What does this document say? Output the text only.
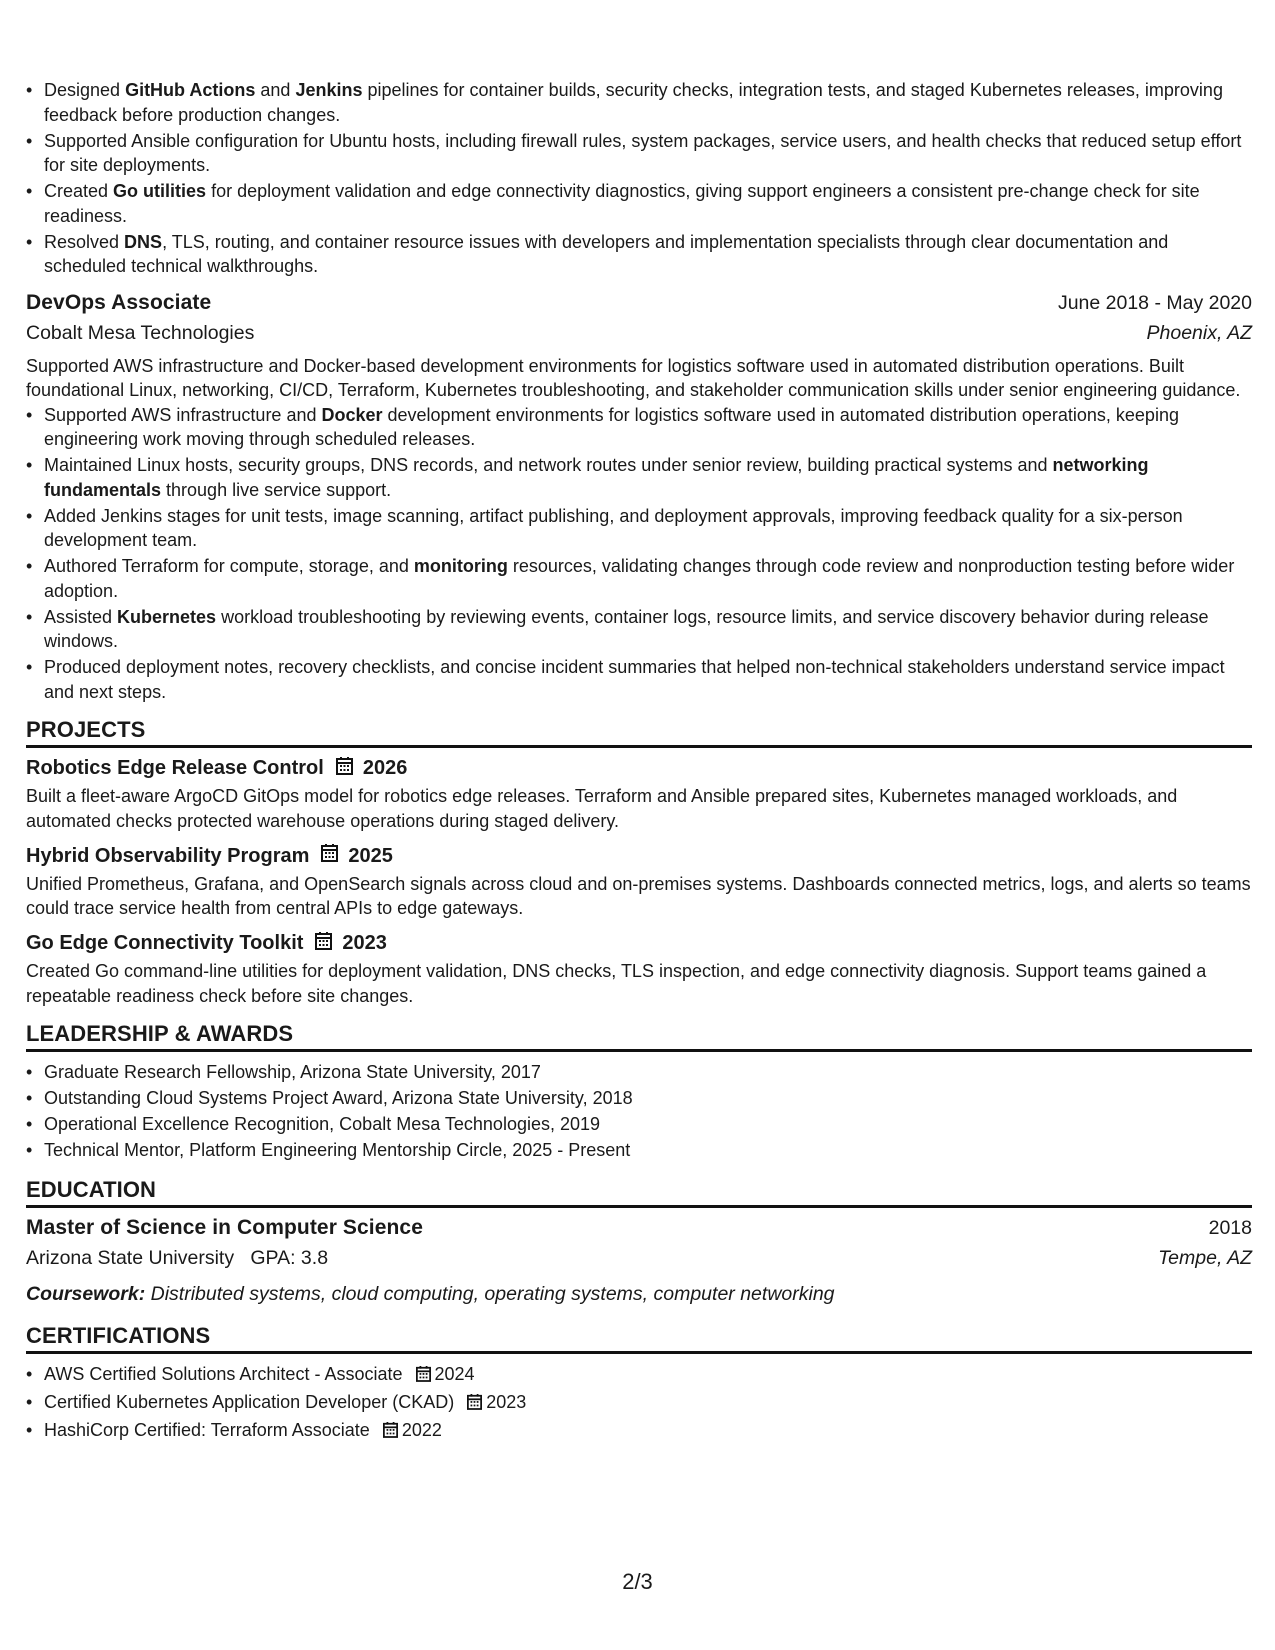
• Designed GitHub Actions and Jenkins pipelines for container builds, security checks, integration tests, and staged Kubernetes releases, improving feedback before production changes.
• Supported Ansible configuration for Ubuntu hosts, including firewall rules, system packages, service users, and health checks that reduced setup effort for site deployments.
• Created Go utilities for deployment validation and edge connectivity diagnostics, giving support engineers a consistent pre-change check for site readiness.
• Resolved DNS, TLS, routing, and container resource issues with developers and implementation specialists through clear documentation and scheduled technical walkthroughs.
DevOps Associate	June 2018 - May 2020
Cobalt Mesa Technologies	Phoenix, AZ
Supported AWS infrastructure and Docker-based development environments for logistics software used in automated distribution operations. Built foundational Linux, networking, CI/CD, Terraform, Kubernetes troubleshooting, and stakeholder communication skills under senior engineering guidance.
• Supported AWS infrastructure and Docker development environments for logistics software used in automated distribution operations, keeping engineering work moving through scheduled releases.
• Maintained Linux hosts, security groups, DNS records, and network routes under senior review, building practical systems and networking fundamentals through live service support.
• Added Jenkins stages for unit tests, image scanning, artifact publishing, and deployment approvals, improving feedback quality for a six-person development team.
• Authored Terraform for compute, storage, and monitoring resources, validating changes through code review and nonproduction testing before wider adoption.
• Assisted Kubernetes workload troubleshooting by reviewing events, container logs, resource limits, and service discovery behavior during release windows.
• Produced deployment notes, recovery checklists, and concise incident summaries that helped non-technical stakeholders understand service impact and next steps.
PROJECTS
Robotics Edge Release Control 2026
Built a fleet-aware ArgoCD GitOps model for robotics edge releases. Terraform and Ansible prepared sites, Kubernetes managed workloads, and automated checks protected warehouse operations during staged delivery.
Hybrid Observability Program 2025
Unified Prometheus, Grafana, and OpenSearch signals across cloud and on-premises systems. Dashboards connected metrics, logs, and alerts so teams could trace service health from central APIs to edge gateways.
Go Edge Connectivity Toolkit 2023
Created Go command-line utilities for deployment validation, DNS checks, TLS inspection, and edge connectivity diagnosis. Support teams gained a repeatable readiness check before site changes.
LEADERSHIP & AWARDS
• Graduate Research Fellowship, Arizona State University, 2017
• Outstanding Cloud Systems Project Award, Arizona State University, 2018
• Operational Excellence Recognition, Cobalt Mesa Technologies, 2019
• Technical Mentor, Platform Engineering Mentorship Circle, 2025 - Present
EDUCATION
Master of Science in Computer Science	2018
Arizona State University GPA: 3.8	Tempe, AZ
Coursework: Distributed systems, cloud computing, operating systems, computer networking
CERTIFICATIONS
• AWS Certified Solutions Architect - Associate 2024
• Certified Kubernetes Application Developer (CKAD) 2023
• HashiCorp Certified: Terraform Associate 2022
2/3
